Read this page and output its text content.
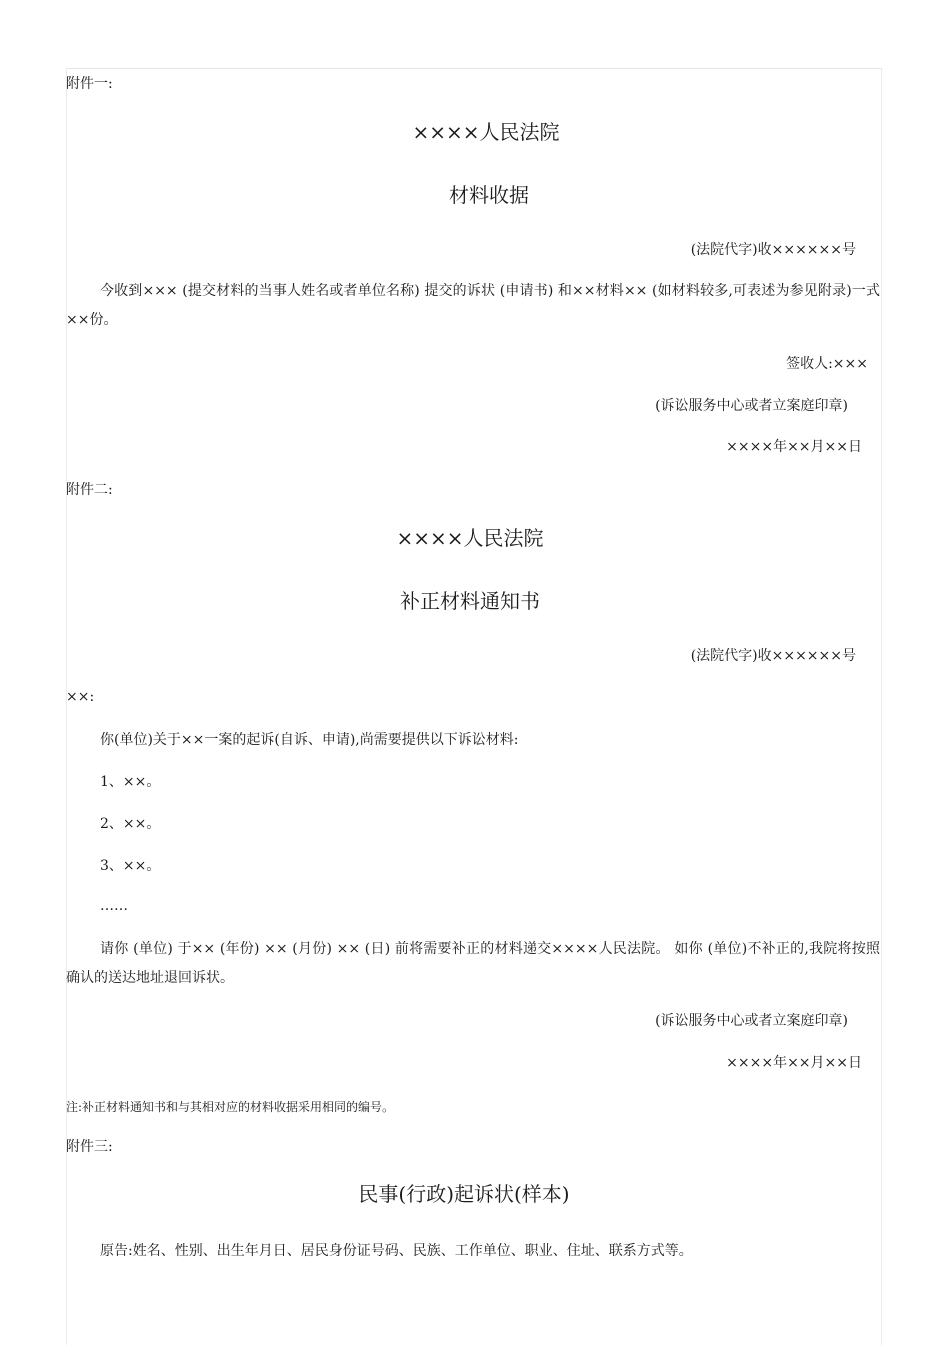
附件一:
××××人民法院
材料收据
(法院代字)收××××××号
今收到××× (提交材料的当事人姓名或者单位名称) 提交的诉状 (申请书) 和××材料×× (如材料较多,可表述为参见附录)一式××份。
签收人:×××
(诉讼服务中心或者立案庭印章)
××××年××月××日
附件二:
××××人民法院
补正材料通知书
(法院代字)收××××××号
××:
你(单位)关于××一案的起诉(自诉、申请),尚需要提供以下诉讼材料:
1、××。
2、××。
3、××。
……
请你 (单位) 于×× (年份) ×× (月份) ×× (日) 前将需要补正的材料递交××××人民法院。 如你 (单位)不补正的,我院将按照确认的送达地址退回诉状。
(诉讼服务中心或者立案庭印章)
××××年××月××日
注:补正材料通知书和与其相对应的材料收据采用相同的编号。
附件三:
民事(行政)起诉状(样本)
原告:姓名、性别、出生年月日、居民身份证号码、民族、工作单位、职业、住址、联系方式等。
